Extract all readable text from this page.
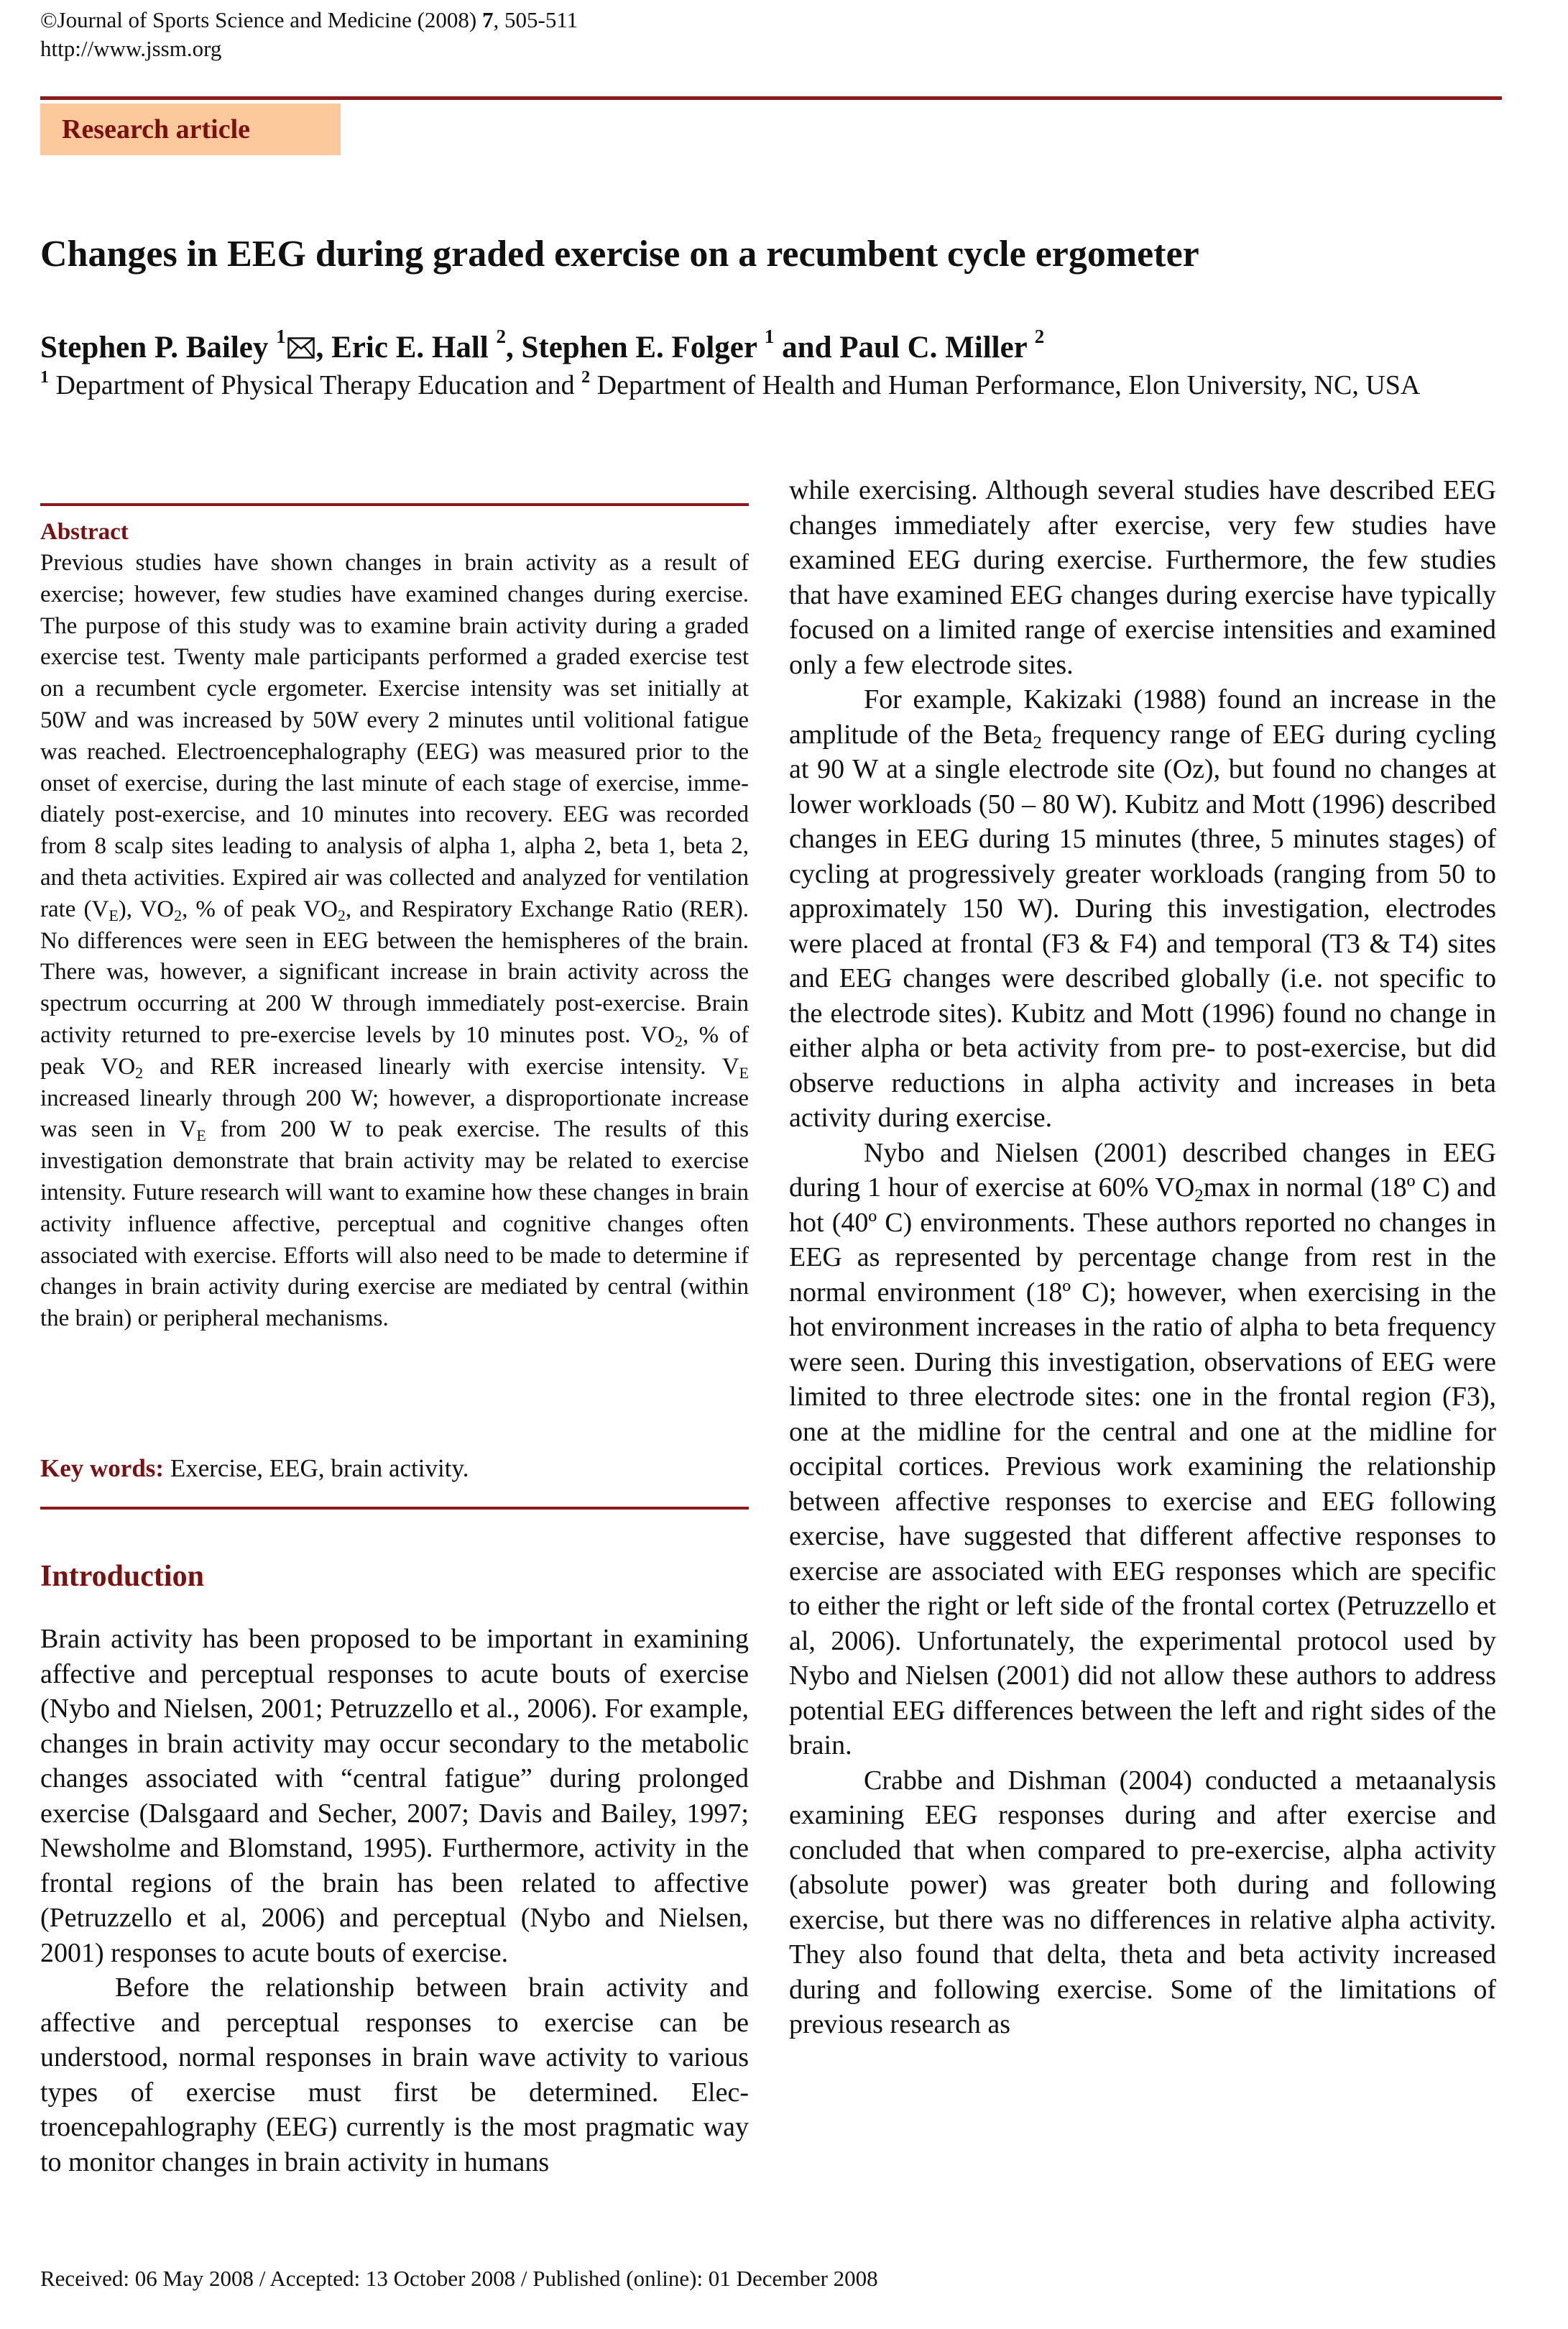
©Journal of Sports Science and Medicine (2008) 7, 505-511
http://www.jssm.org
Research article
Changes in EEG during graded exercise on a recumbent cycle ergometer
Stephen P. Bailey $^1$ , Eric E. Hall $^2$, Stephen E. Folger $^1$ and Paul C. Miller $^2$
$^1$ Department of Physical Therapy Education and $^2$ Department of Health and Human Performance, Elon University, NC, USA
Abstract
Previous studies have shown changes in brain activity as a result of exercise; however, few studies have examined changes during exercise. The purpose of this study was to examine brain activity during a graded exercise test. Twenty male participants performed a graded exercise test on a recumbent cycle ergometer. Exercise intensity was set initially at 50W and was increased by 50W every 2 minutes until volitional fatigue was reached. Electroencephalography (EEG) was measured prior to the onset of exercise, during the last minute of each stage of exercise, immediately post-exercise, and 10 minutes into recovery. EEG was recorded from 8 scalp sites leading to analysis of alpha 1, alpha 2, beta 1, beta 2, and theta activities. Expired air was collected and analyzed for ventilation rate $(V_E)$, $VO_2$, % of peak $VO_2$, and Respiratory Exchange Ratio (RER). No differences were seen in EEG between the hemispheres of the brain. There was, however, a significant increase in brain activity across the spectrum occurring at 200 W through immediately post-exercise. Brain activity returned to pre-exercise levels by 10 minutes post. $VO_2$, % of peak $VO_2$ and RER increased linearly with exercise intensity. $V_E$ increased linearly through 200 W; however, a disproportionate increase was seen in $V_E$ from 200 W to peak exercise. The results of this investigation demonstrate that brain activity may be related to exercise intensity. Future research will want to examine how these changes in brain activity influence affective, perceptual and cognitive changes often associated with exercise. Efforts will also need to be made to determine if changes in brain activity during exercise are mediated by central (within the brain) or peripheral mechanisms.
Key words: Exercise, EEG, brain activity.
Introduction

Brain activity has been proposed to be important in examining affective and perceptual responses to acute bouts of exercise (Nybo and Nielsen, 2001; Petruzzello et al., 2006). For example, changes in brain activity may occur secondary to the metabolic changes associated with “central fatigue” during prolonged exercise (Dalsgaard and Secher, 2007; Davis and Bailey, 1997; Newsholme and Blomstand, 1995). Furthermore, activity in the frontal regions of the brain has been related to affective (Petruzzello et al, 2006) and perceptual (Nybo and Nielsen, 2001) responses to acute bouts of exercise.

Before the relationship between brain activity and affective and perceptual responses to exercise can be understood, normal responses in brain wave activity to various types of exercise must first be determined. Electroencepahlography (EEG) currently is the most pragmatic way to monitor changes in brain activity in humans

while exercising. Although several studies have described EEG changes immediately after exercise, very few studies have examined EEG during exercise. Furthermore, the few studies that have examined EEG changes during exercise have typically focused on a limited range of exercise intensities and examined only a few electrode sites.

For example, Kakizaki (1988) found an increase in the amplitude of the Beta$_2$ frequency range of EEG during cycling at 90 W at a single electrode site (Oz), but found no changes at lower workloads (50 – 80 W). Kubitz and Mott (1996) described changes in EEG during 15 minutes (three, 5 minutes stages) of cycling at progressively greater workloads (ranging from 50 to approximately 150 W). During this investigation, electrodes were placed at frontal (F3 & F4) and temporal (T3 & T4) sites and EEG changes were described globally (i.e. not specific to the electrode sites). Kubitz and Mott (1996) found no change in either alpha or beta activity from pre- to post-exercise, but did observe reductions in alpha activity and increases in beta activity during exercise.

Nybo and Nielsen (2001) described changes in EEG during 1 hour of exercise at 60% $VO_2\max$ in normal (18º C) and hot (40º C) environments. These authors reported no changes in EEG as represented by percentage change from rest in the normal environment (18º C); however, when exercising in the hot environment increases in the ratio of alpha to beta frequency were seen. During this investigation, observations of EEG were limited to three electrode sites: one in the frontal region (F3), one at the midline for the central and one at the midline for occipital cortices. Previous work examining the relationship between affective responses to exercise and EEG following exercise, have suggested that different affective responses to exercise are associated with EEG responses which are specific to either the right or left side of the frontal cortex (Petruzzello et al, 2006). Unfortunately, the experimental protocol used by Nybo and Nielsen (2001) did not allow these authors to address potential EEG differences between the left and right sides of the brain.

Crabbe and Dishman (2004) conducted a metaanalysis examining EEG responses during and after exercise and concluded that when compared to pre-exercise, alpha activity (absolute power) was greater both during and following exercise, but there was no differences in relative alpha activity. They also found that delta, theta and beta activity increased during and following exercise. Some of the limitations of previous research as

Received: 06 May 2008 / Accepted: 13 October 2008 / Published (online): 01 December 2008
